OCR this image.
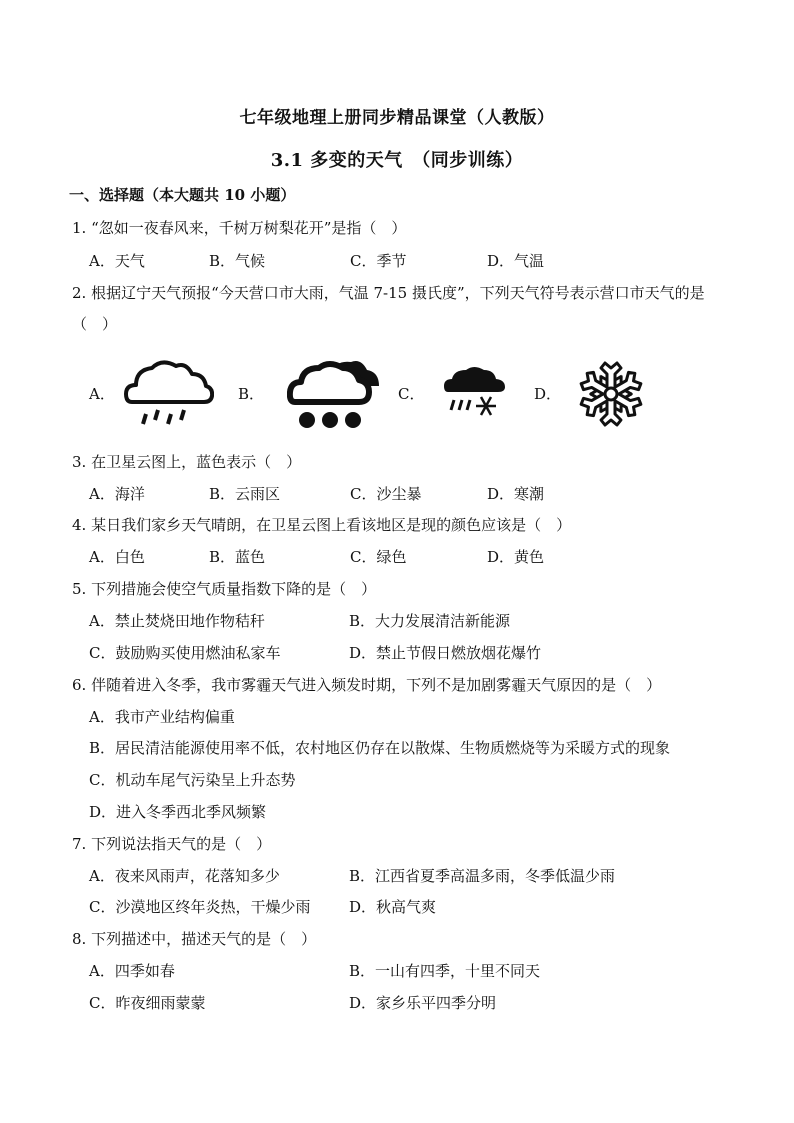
七年级地理上册同步精品课堂（人教版）
3.1 多变的天气　（同步训练）
一、选择题（本大题共 10 小题）
1. “忽如一夜春风来，千树万树梨花开”是指（　）
A．天气	B．气候	C．季节	D．气温
2. 根据辽宁天气预报“今天营口市大雨，气温 7-15 摄氏度”，下列天气符号表示营口市天气的是（　）
A．	B．	C．	D．
3. 在卫星云图上，蓝色表示（　）
A．海洋	B．云雨区	C．沙尘暴	D．寒潮
4. 某日我们家乡天气晴朗，在卫星云图上看该地区是现的颜色应该是（　）
A．白色	B．蓝色	C．绿色	D．黄色
5. 下列措施会使空气质量指数下降的是（　）
A．禁止焚烧田地作物秸秆	B．大力发展清洁新能源
C．鼓励购买使用燃油私家车	D．禁止节假日燃放烟花爆竹
6. 伴随着进入冬季，我市雾霾天气进入频发时期，下列不是加剧雾霾天气原因的是（　）
A．我市产业结构偏重
B．居民清洁能源使用率不低，农村地区仍存在以散煤、生物质燃烧等为采暖方式的现象
C．机动车尾气污染呈上升态势
D．进入冬季西北季风频繁
7. 下列说法指天气的是（　）
A．夜来风雨声，花落知多少	B．江西省夏季高温多雨，冬季低温少雨
C．沙漠地区终年炎热，干燥少雨	D．秋高气爽
8. 下列描述中，描述天气的是（　）
A．四季如春	B．一山有四季，十里不同天
C．昨夜细雨蒙蒙	D．家乡乐平四季分明
